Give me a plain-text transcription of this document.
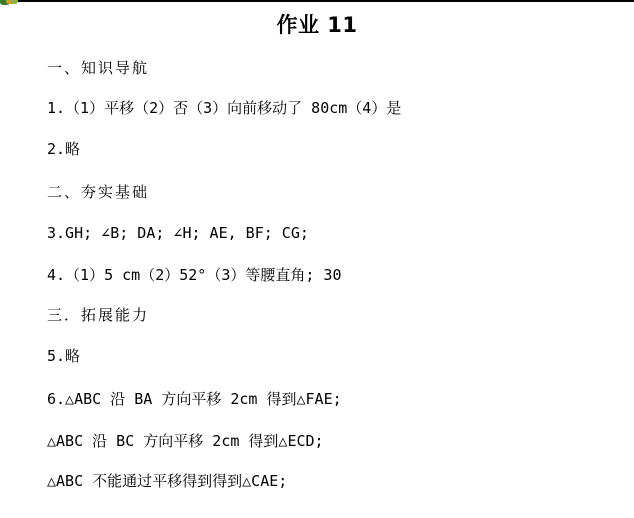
作业 11
一、知识导航
1.（1）平移（2）否（3）向前移动了 80cm（4）是
2.略
二、夯实基础
3.GH; ∠B; DA; ∠H; AE, BF; CG;
4.（1）5 cm（2）52°（3）等腰直角; 30
三．拓展能力
5.略
6.△ABC 沿 BA 方向平移 2cm 得到△FAE;
△ABC 沿 BC 方向平移 2cm 得到△ECD;
△ABC 不能通过平移得到得到△CAE;
